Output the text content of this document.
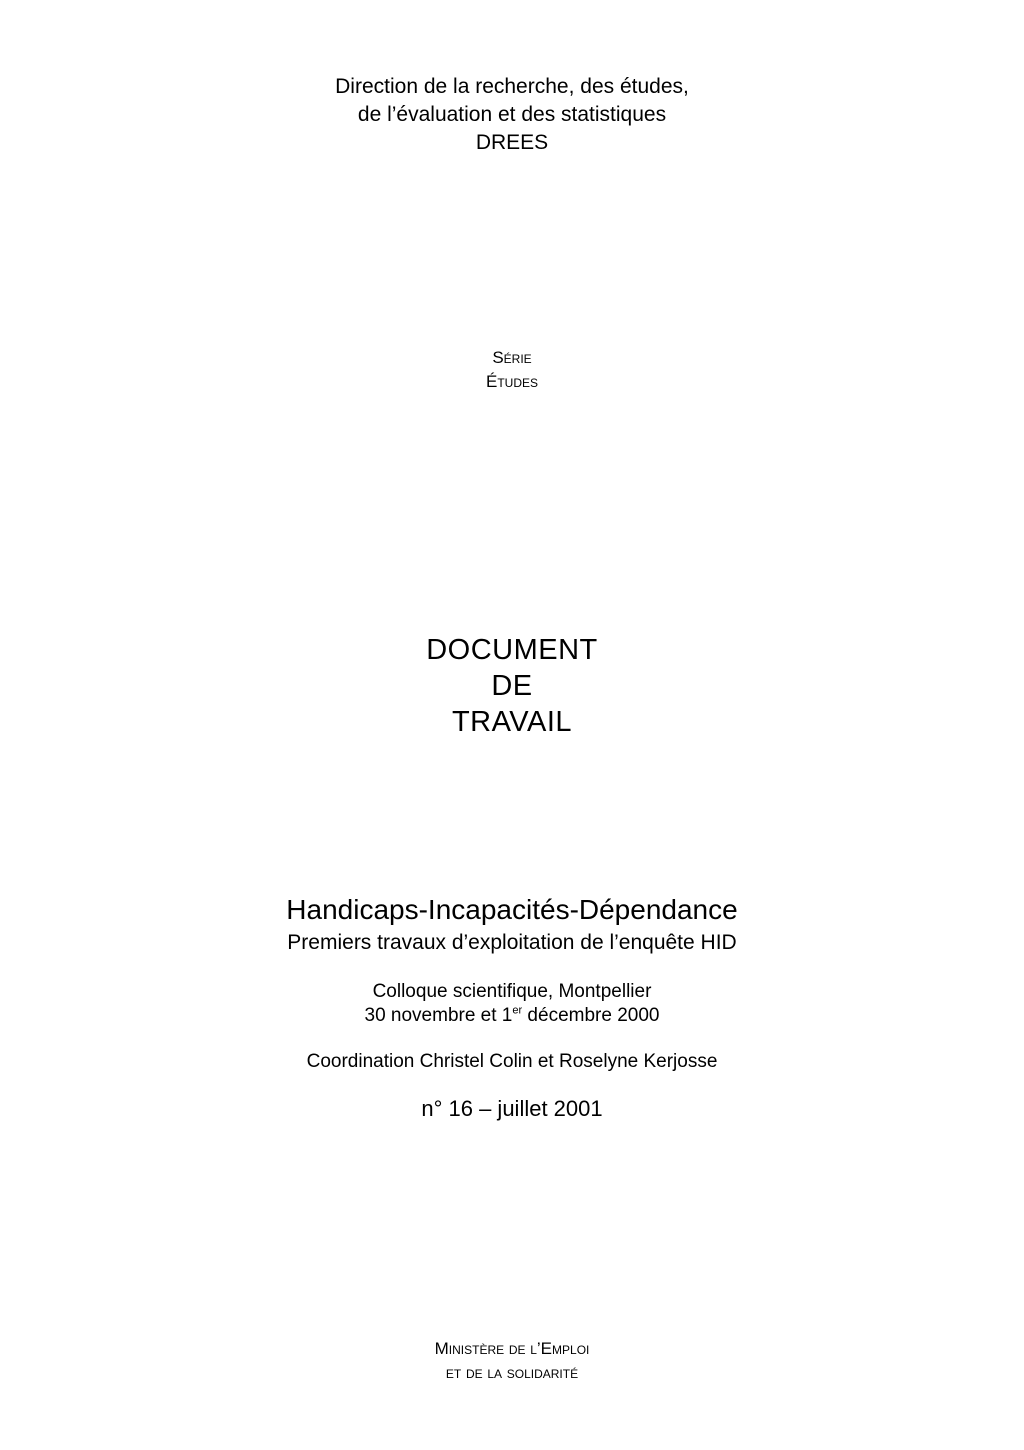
Direction de la recherche, des études,
de l’évaluation et des statistiques
DREES
Série
Études
DOCUMENT
DE
TRAVAIL
Handicaps-Incapacités-Dépendance
Premiers travaux d’exploitation de l’enquête HID
Colloque scientifique, Montpellier
30 novembre et 1er décembre 2000
Coordination Christel Colin et Roselyne Kerjosse
n° 16 – juillet 2001
Ministère de l’Emploi
et de la solidarité
